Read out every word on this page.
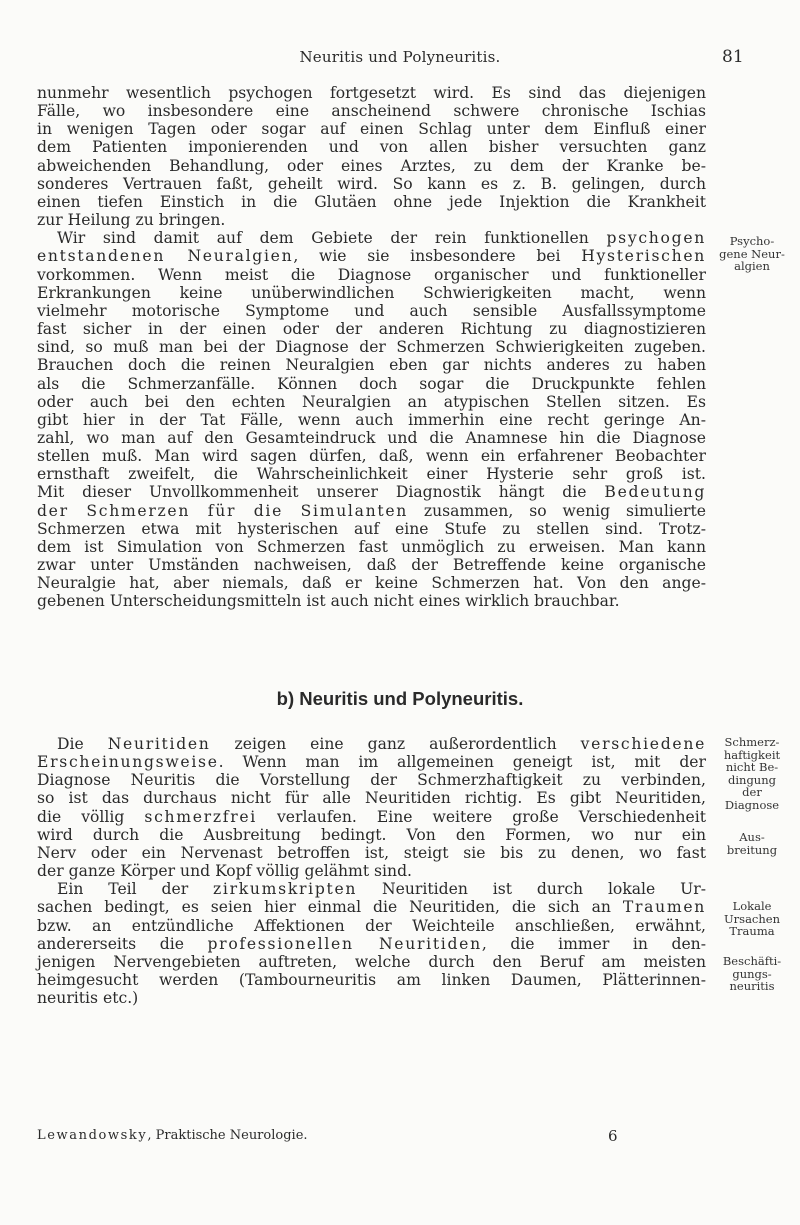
Neuritis und Polyneuritis.	81
nunmehr wesentlich psychogen fortgesetzt wird. Es sind das diejenigen
Fälle, wo insbesondere eine anscheinend schwere chronische Ischias
in wenigen Tagen oder sogar auf einen Schlag unter dem Einfluß einer
dem Patienten imponierenden und von allen bisher versuchten ganz
abweichenden Behandlung, oder eines Arztes, zu dem der Kranke be-
sonderes Vertrauen faßt, geheilt wird. So kann es z. B. gelingen, durch
einen tiefen Einstich in die Glutäen ohne jede Injektion die Krankheit
zur Heilung zu bringen.
Wir sind damit auf dem Gebiete der rein funktionellen psychogen
entstandenen Neuralgien, wie sie insbesondere bei Hysterischen
vorkommen. Wenn meist die Diagnose organischer und funktioneller
Erkrankungen keine unüberwindlichen Schwierigkeiten macht, wenn
vielmehr motorische Symptome und auch sensible Ausfallssymptome
fast sicher in der einen oder der anderen Richtung zu diagnostizieren
sind, so muß man bei der Diagnose der Schmerzen Schwierigkeiten zugeben.
Brauchen doch die reinen Neuralgien eben gar nichts anderes zu haben
als die Schmerzanfälle. Können doch sogar die Druckpunkte fehlen
oder auch bei den echten Neuralgien an atypischen Stellen sitzen. Es
gibt hier in der Tat Fälle, wenn auch immerhin eine recht geringe An-
zahl, wo man auf den Gesamteindruck und die Anamnese hin die Diagnose
stellen muß. Man wird sagen dürfen, daß, wenn ein erfahrener Beobachter
ernsthaft zweifelt, die Wahrscheinlichkeit einer Hysterie sehr groß ist.
Mit dieser Unvollkommenheit unserer Diagnostik hängt die Bedeutung
der Schmerzen für die Simulanten zusammen, so wenig simulierte
Schmerzen etwa mit hysterischen auf eine Stufe zu stellen sind. Trotz-
dem ist Simulation von Schmerzen fast unmöglich zu erweisen. Man kann
zwar unter Umständen nachweisen, daß der Betreffende keine organische
Neuralgie hat, aber niemals, daß er keine Schmerzen hat. Von den ange-
gebenen Unterscheidungsmitteln ist auch nicht eines wirklich brauchbar.
b) Neuritis und Polyneuritis.
Die Neuritiden zeigen eine ganz außerordentlich verschiedene
Erscheinungsweise. Wenn man im allgemeinen geneigt ist, mit der
Diagnose Neuritis die Vorstellung der Schmerzhaftigkeit zu verbinden,
so ist das durchaus nicht für alle Neuritiden richtig. Es gibt Neuritiden,
die völlig schmerzfrei verlaufen. Eine weitere große Verschiedenheit
wird durch die Ausbreitung bedingt. Von den Formen, wo nur ein
Nerv oder ein Nervenast betroffen ist, steigt sie bis zu denen, wo fast
der ganze Körper und Kopf völlig gelähmt sind.
Ein Teil der zirkumskripten Neuritiden ist durch lokale Ur-
sachen bedingt, es seien hier einmal die Neuritiden, die sich an Traumen
bzw. an entzündliche Affektionen der Weichteile anschließen, erwähnt,
andererseits die professionellen Neuritiden, die immer in den-
jenigen Nervengebieten auftreten, welche durch den Beruf am meisten
heimgesucht werden (Tambourneuritis am linken Daumen, Plätterinnen-
neuritis etc.)
Psycho-
gene Neur-
algien
Schmerz-
haftigkeit
nicht Be-
dingung
der
Diagnose
Aus-
breitung
Lokale
Ursachen
Trauma
Beschäfti-
gungs-
neuritis
Lewandowsky, Praktische Neurologie.	6
